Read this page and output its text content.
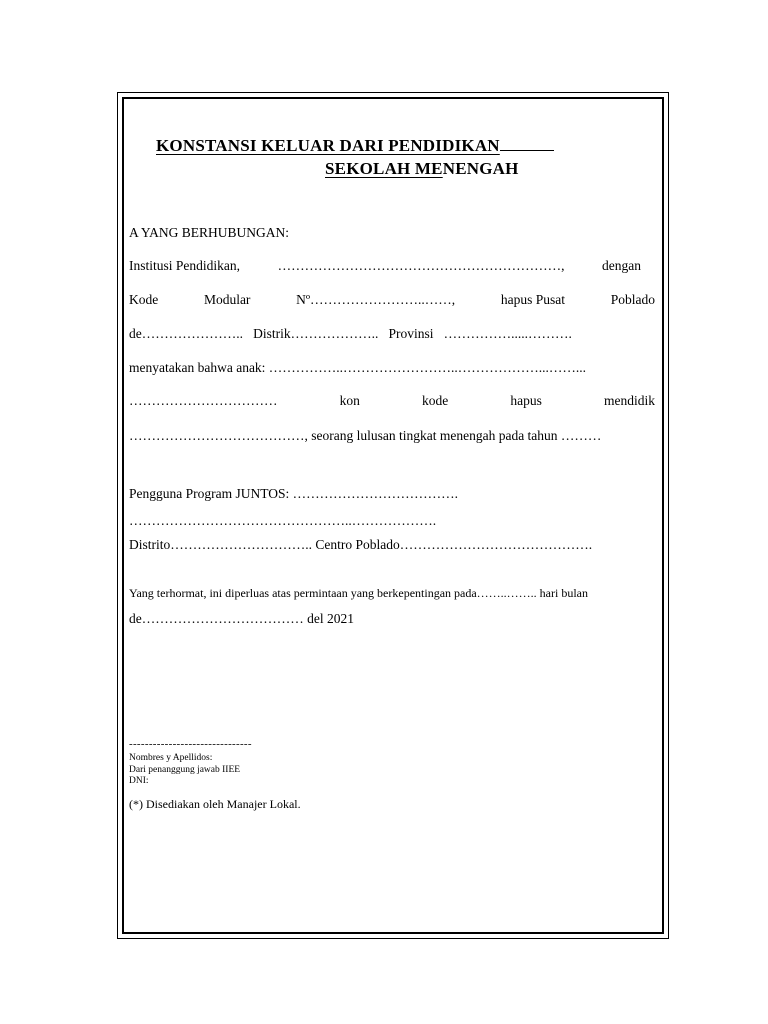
KONSTANSI KELUAR DARI PENDIDIKAN
SEKOLAH MENENGAH
A YANG BERHUBUNGAN:
Institusi Pendidikan,	………………………………………………………,	dengan
Kode	Modular	Nº……………………..……,	hapus Pusat	Poblado
de………………….. Distrik……………….. Provinsi …………….....……….
menyatakan bahwa anak: ……………..……………………..………………...……...
……………………………	kon	kode	hapus	mendidik
…………………………………, seorang lulusan tingkat menengah pada tahun ………
Pengguna Program JUNTOS: ……………………………….
…………………………………………..……………….
Distrito………………………….. Centro Poblado…………………………………….
Yang terhormat, ini diperluas atas permintaan yang berkepentingan pada……..…….. hari bulan
de……………………………… del 2021
-------------------------------
Nombres y Apellidos:
Dari penanggung jawab IIEE
DNI:
(*) Disediakan oleh Manajer Lokal.
